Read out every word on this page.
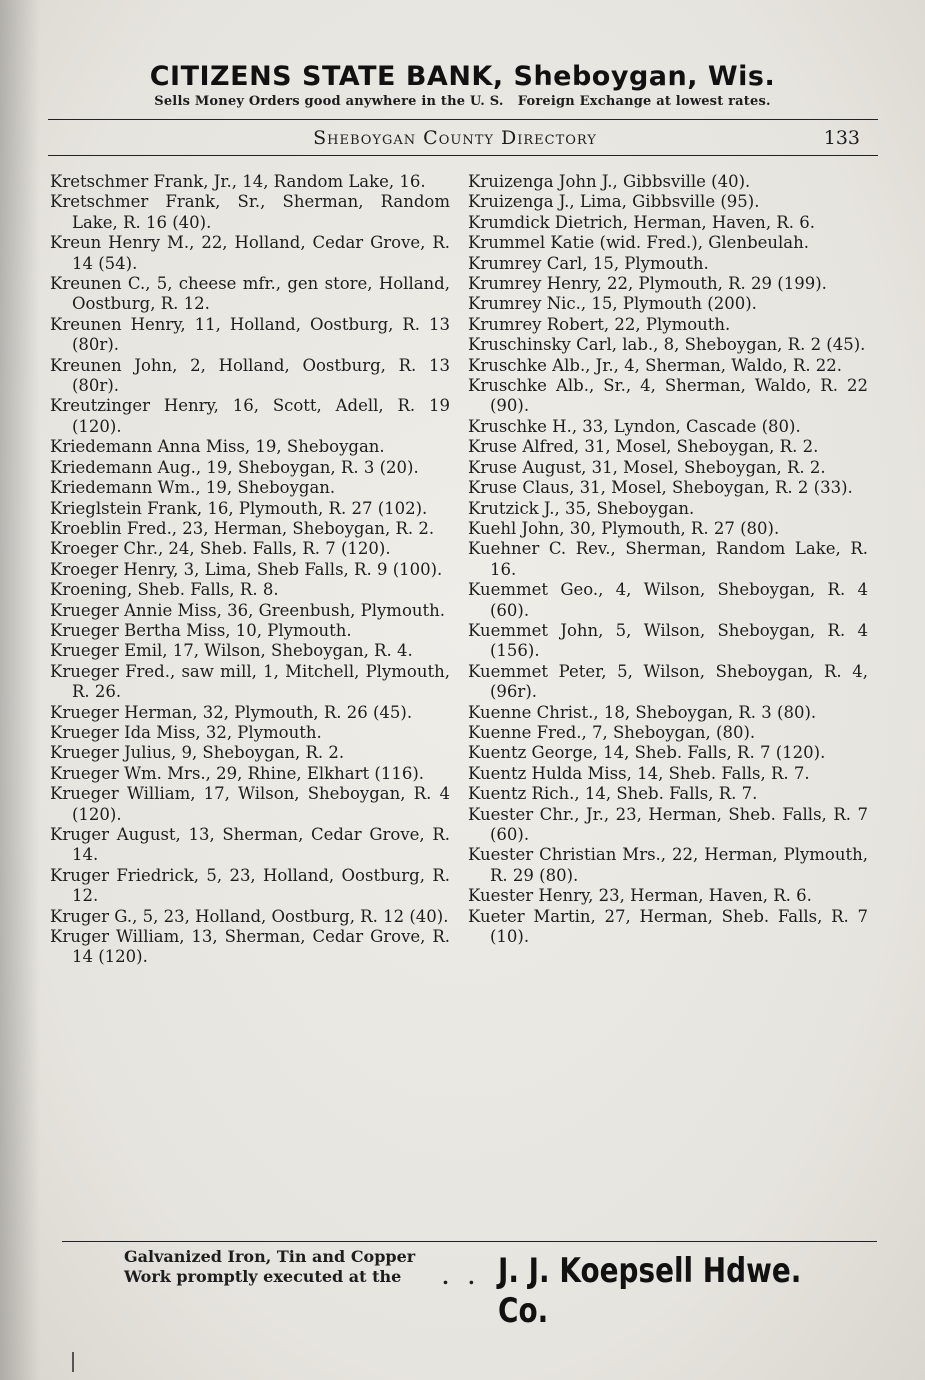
CITIZENS STATE BANK, Sheboygan, Wis.
Sells Money Orders good anywhere in the U. S.   Foreign Exchange at lowest rates.
Sheboygan County Directory	133

Kretschmer Frank, Jr., 14, Random Lake, 16.

Kretschmer Frank, Sr., Sherman, Random Lake, R. 16 (40).

Kreun Henry M., 22, Holland, Cedar Grove, R. 14 (54).

Kreunen C., 5, cheese mfr., gen store, Holland, Oostburg, R. 12.

Kreunen Henry, 11, Holland, Oostburg, R. 13 (80r).

Kreunen John, 2, Holland, Oostburg, R. 13 (80r).

Kreutzinger Henry, 16, Scott, Adell, R. 19 (120).

Kriedemann Anna Miss, 19, Sheboygan.

Kriedemann Aug., 19, Sheboygan, R. 3 (20).

Kriedemann Wm., 19, Sheboygan.

Krieglstein Frank, 16, Plymouth, R. 27 (102).

Kroeblin Fred., 23, Herman, Sheboygan, R. 2.

Kroeger Chr., 24, Sheb. Falls, R. 7 (120).

Kroeger Henry, 3, Lima, Sheb Falls, R. 9 (100).

Kroening, Sheb. Falls, R. 8.

Krueger Annie Miss, 36, Greenbush, Plymouth.

Krueger Bertha Miss, 10, Plymouth.

Krueger Emil, 17, Wilson, Sheboygan, R. 4.

Krueger Fred., saw mill, 1, Mitchell, Plymouth, R. 26.

Krueger Herman, 32, Plymouth, R. 26 (45).

Krueger Ida Miss, 32, Plymouth.

Krueger Julius, 9, Sheboygan, R. 2.

Krueger Wm. Mrs., 29, Rhine, Elkhart (116).

Krueger William, 17, Wilson, Sheboygan, R. 4 (120).

Kruger August, 13, Sherman, Cedar Grove, R. 14.

Kruger Friedrick, 5, 23, Holland, Oostburg, R. 12.

Kruger G., 5, 23, Holland, Oostburg, R. 12 (40).

Kruger William, 13, Sherman, Cedar Grove, R. 14 (120).

Kruizenga John J., Gibbsville (40).

Kruizenga J., Lima, Gibbsville (95).

Krumdick Dietrich, Herman, Haven, R. 6.

Krummel Katie (wid. Fred.), Glenbeulah.

Krumrey Carl, 15, Plymouth.

Krumrey Henry, 22, Plymouth, R. 29 (199).

Krumrey Nic., 15, Plymouth (200).

Krumrey Robert, 22, Plymouth.

Kruschinsky Carl, lab., 8, Sheboygan, R. 2 (45).

Kruschke Alb., Jr., 4, Sherman, Waldo, R. 22.

Kruschke Alb., Sr., 4, Sherman, Waldo, R. 22 (90).

Kruschke H., 33, Lyndon, Cascade (80).

Kruse Alfred, 31, Mosel, Sheboygan, R. 2.

Kruse August, 31, Mosel, Sheboygan, R. 2.

Kruse Claus, 31, Mosel, Sheboygan, R. 2 (33).

Krutzick J., 35, Sheboygan.

Kuehl John, 30, Plymouth, R. 27 (80).

Kuehner C. Rev., Sherman, Random Lake, R. 16.

Kuemmet Geo., 4, Wilson, Sheboygan, R. 4 (60).

Kuemmet John, 5, Wilson, Sheboygan, R. 4 (156).

Kuemmet Peter, 5, Wilson, Sheboygan, R. 4, (96r).

Kuenne Christ., 18, Sheboygan, R. 3 (80).

Kuenne Fred., 7, Sheboygan, (80).

Kuentz George, 14, Sheb. Falls, R. 7 (120).

Kuentz Hulda Miss, 14, Sheb. Falls, R. 7.

Kuentz Rich., 14, Sheb. Falls, R. 7.

Kuester Chr., Jr., 23, Herman, Sheb. Falls, R. 7 (60).

Kuester Christian Mrs., 22, Herman, Plymouth, R. 29 (80).

Kuester Henry, 23, Herman, Haven, R. 6.

Kueter Martin, 27, Herman, Sheb. Falls, R. 7 (10).

Galvanized Iron, Tin and Copper
Work promptly executed at the	. . J. J. Koepsell Hdwe. Co.
